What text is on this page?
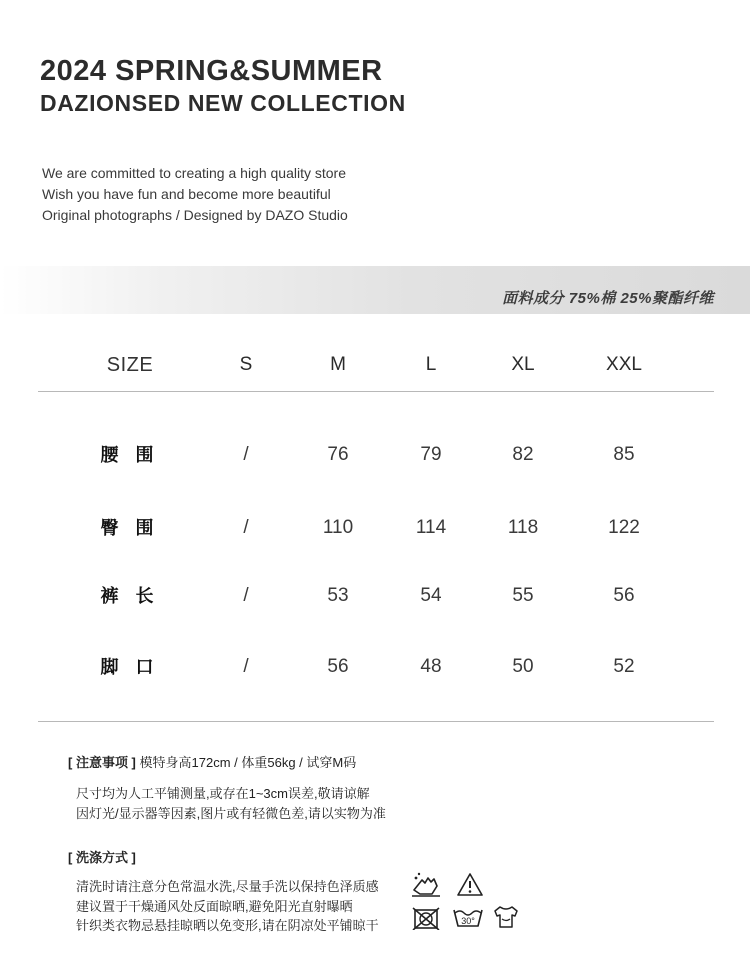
2024 SPRING&SUMMER
DAZIONSED NEW COLLECTION
We are committed to creating a high quality store
Wish you have fun and become more beautiful
Original photographs / Designed by DAZO Studio
面料成分 75%棉 25%聚酯纤维
SIZE	S	M	L	XL	XXL
腰 围	/	76	79	82	85
臀 围	/	110	114	118	122
裤 长	/	53	54	55	56
脚 口	/	56	48	50	52
[ 注意事项 ] 模特身高172cm / 体重56kg / 试穿M码
尺寸均为人工平铺测量,或存在1~3cm误差,敬请谅解
因灯光/显示器等因素,图片或有轻微色差,请以实物为准
[ 洗涤方式 ]
清洗时请注意分色常温水洗,尽量手洗以保持色泽质感
建议置于干燥通风处反面晾晒,避免阳光直射曝晒
针织类衣物忌悬挂晾晒以免变形,请在阴凉处平铺晾干	30°
